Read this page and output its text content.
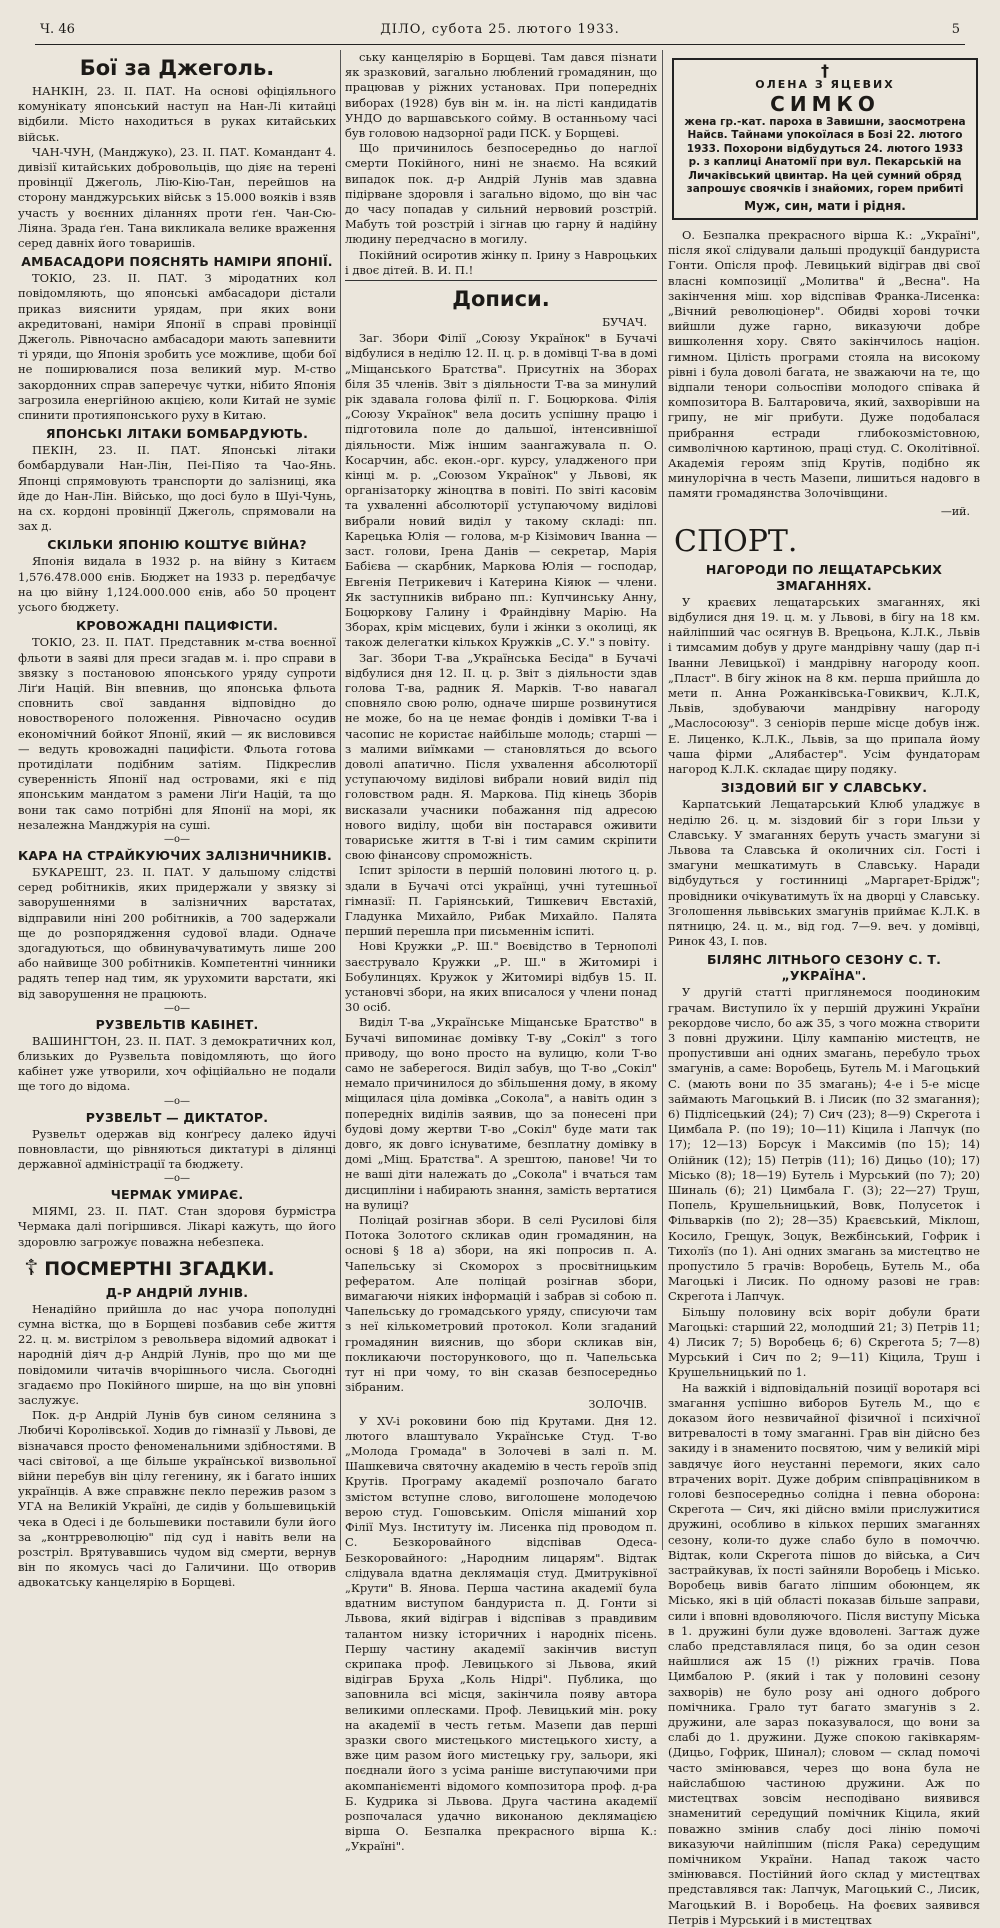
Ч. 46	ДІЛО, субота 25. лютого 1933.	5
Бої за Джеголь.

НАНКІН, 23. II. ПАТ. На основі офіціяльного комунікату японський наступ на Нан-Лі китайці відбили. Місто находиться в руках китайських військ.

ЧАН-ЧУН, (Манджуко), 23. II. ПАТ. Командант 4. дивізії китайських добровольців, що діяє на терені провінції Джеголь, Лію-Кію-Тан, перейшов на сторону манджурських військ з 15.000 вояків і взяв участь у воєнних діланнях проти ґен. Чан-Сю-Ліяна. Зрада ґен. Тана викликала велике враження серед давніх його товаришів.

АМБАСАДОРИ ПОЯСНЯТЬ НАМІРИ ЯПОНІЇ.

ТОКІО, 23. II. ПАТ. З міродатних кол повідомляють, що японські амбасадори дістали приказ вияснити урядам, при яких вони акредитовані, наміри Японії в справі провінції Джеголь. Рівночасно амбасадори мають запевнити ті уряди, що Японія зробить усе можливе, щоби бої не поширювалися поза великий мур. М-ство закордонних справ заперечує чутки, нібито Японія загрозила енергійною акцією, коли Китай не зуміє спинити протияпонського руху в Китаю.

ЯПОНСЬКІ ЛІТАКИ БОМБАРДУЮТЬ.

ПЕКІН, 23. II. ПАТ. Японські літаки бомбардували Нан-Лін, Пеі-Піяо та Чао-Янь. Японці спрямовують транспорти до залізниці, яка йде до Нан-Лін. Військо, що досі було в Шуі-Чунь, на сх. кордоні провінції Джеголь, спрямовали на зах д.

СКІЛЬКИ ЯПОНІЮ КОШТУЄ ВІЙНА?

Японія видала в 1932 р. на війну з Китаєм 1,576.478.000 єнів. Бюджет на 1933 р. передбачує на цю війну 1,124.000.000 єнів, або 50 процент усього бюджету.

КРОВОЖАДНІ ПАЦИФІСТИ.

ТОКІО, 23. II. ПАТ. Представник м-ства воєнної фльоти в заяві для преси згадав м. і. про справи в звязку з постановою японського уряду супроти Ліґи Націй. Він впевнив, що японська фльота сповнить свої завдання відповідно до новоствореного положення. Рівночасно осудив економічний бойкот Японії, який — як висловився — ведуть кровожадні пацифісти. Фльота готова протиділати подібним затіям. Підкреслив суверенність Японії над островами, які є під японським мандатом з рамени Ліґи Націй, та що вони так само потрібні для Японії на морі, як незалежна Манджурія на суші.

—o—
КАРА НА СТРАЙКУЮЧИХ ЗАЛІЗНИЧНИКІВ.

БУКАРЕШТ, 23. II. ПАТ. У дальшому слідстві серед робітників, яких придержали у звязку зі заворушеннями в залізничних варстатах, відправили ніні 200 робітників, а 700 задержали ще до розпорядження судової влади. Одначе здогадуються, що обвинувачуватимуть лише 200 або найвище 300 робітників. Компетентні чинники радять тепер над тим, як урухомити варстати, які від заворушення не працюють.

—o—
РУЗВЕЛЬТІВ КАБІНЕТ.

ВАШИНГТОН, 23. II. ПАТ. З демократичних кол, близьких до Рузвельта повідомляють, що його кабінет уже утворили, хоч офіційально не подали ще того до відома.

—o—
РУЗВЕЛЬТ — ДИКТАТОР.

Рузвельт одержав від конґресу далеко йдучі повновласти, що рівняються диктатурі в ділянці державної адміністрації та бюджету.

—o—
ЧЕРМАК УМИРАЄ.

МІЯМІ, 23. II. ПАТ. Стан здоровя бурмістра Чермака далі погіршився. Лікарі кажуть, що його здоровлю загрожує поважна небезпека.

☦ ПОСМЕРТНІ ЗГАДКИ.
Д-Р АНДРІЙ ЛУНІВ.

Ненадійно прийшла до нас учора пополудні сумна вістка, що в Борщеві позбавив себе життя 22. ц. м. вистрілом з револьвера відомий адвокат і народній діяч д-р Андрій Лунів, про що ми ще повідомили читачів вчорішнього числа. Сьогодні згадаємо про Покійного ширше, на що він уповні заслужує.

Пок. д-р Андрій Лунів був сином селянина з Любичі Королівської. Ходив до гімназії у Львові, де візначався просто феноменальними здібностями. В часі світової, а ще більше української визвольної війни перебув він цілу гегенину, як і багато інших українців. А вже справжнє пекло пережив разом з УГА на Великій Україні, де сидів у большевицькій чека в Одесі і де большевики поставили були його за „контрреволюцію" під суд і навіть вели на розстріл. Врятувавшись чудом від смерти, вернув він по якомусь часі до Галичини. Що отворив адвокатську канцелярію в Борщеві.

ську канцелярію в Борщеві. Там дався пізнати як зразковий, загально люблений громадянин, що працював у ріжних установах. При попередніх виборах (1928) був він м. ін. на лісті кандидатів УНДО до варшавського сойму. В останньому часі був головою надзорної ради ПСК. у Борщеві.

Що причинилось безпосередньо до наглої смерти Покійного, нині не знаємо. На всякий випадок пок. д-р Андрій Лунів мав здавна підірване здоровля і загально відомо, що він час до часу попадав у сильний нервовий розстрій. Мабуть той розстрій і зігнав цю гарну й надійну людину передчасно в могилу.

Покійний осиротив жінку п. Ірину з Навроцьких і двоє дітей. В. И. П.!

Дописи.
БУЧАЧ.

Заг. Збори Філії „Союзу Українок" в Бучачі відбулися в неділю 12. II. ц. р. в домівці Т-ва в домі „Міщанського Братства". Присутніх на Зборах біля 35 членів. Звіт з діяльности Т-ва за минулий рік здавала голова філії п. Г. Боцюркова. Філія „Союзу Українок" вела досить успішну працю і підготовила поле до дальшої, інтенсивнішої діяльности. Між іншим заангажувала п. О. Косарчин, абс. екон.-орг. курсу, уладженого при кінці м. р. „Союзом Українок" у Львові, як організаторку жіноцтва в повіті. По звіті касовім та ухваленні абсолюторії уступаючому виділові вибрали новий виділ у такому складі: пп. Карецька Юлія — голова, м-р Кізімович Іванна — заст. голови, Ірена Данів — секретар, Марія Бабієва — скарбник, Маркова Юлія — господар, Евгенія Петрикевич і Катерина Кіяюк — члени. Як заступників вибрано пп.: Купчинську Анну, Боцюркову Галину і Фрайндівну Марію. На Зборах, крім місцевих, були і жінки з околиці, як також делегатки кількох Кружків „С. У." з повіту.

Заг. Збори Т-ва „Українська Бесіда" в Бучачі відбулися дня 12. II. ц. р. Звіт з діяльности здав голова Т-ва, радник Я. Марків. Т-во навагал сповняло свою ролю, одначе ширше розвинутися не може, бо на це немає фондів і домівки Т-ва і часопис не користає найбільше молодь; старші — з малими виїмками — становляться до всього доволі апатично. Після ухвалення абсолюторії уступаючому виділові вибрали новий виділ під головством радн. Я. Маркова. Під кінець Зборів висказали учасники побажання під адресою нового виділу, щоби він постарався оживити товариське життя в Т-ві і тим самим скріпити свою фінансову спроможність.

Іспит зрілости в першій половині лютого ц. р. здали в Бучачі отсі українці, учні тутешньої гімназії: П. Гаріянський, Тишкевич Евстахій, Гладунка Михайло, Рибак Михайло. Палята перший перешла при письменнім іспиті.

Нові Кружки „Р. Ш." Воєвідство в Тернополі заєструвало Кружки „Р. Ш." в Житомирі і Бобулинцях. Кружок у Житомирі відбув 15. II. установчі збори, на яких вписалося у члени понад 30 осіб.

Виділ Т-ва „Українське Міщанське Братство" в Бучачі випоминає домівку Т-ву „Сокіл" з того приводу, що воно просто на вулицю, коли Т-во само не заберегося. Виділ забув, що Т-во „Сокіл" немало причинилося до збільшення дому, в якому міщилася ціла домівка „Сокола", а навіть один з попередніх виділів заявив, що за понесені при будові дому жертви Т-во „Сокіл" буде мати так довго, як довго існуватиме, безплатну домівку в домі „Міщ. Братства". А зрештою, панове! Чи то не ваші діти належать до „Сокола" і вчаться там дисципліни і набирають знання, замість вертатися на вулиці?

Поліцай розігнав збори. В селі Русилові біля Потока Золотого скликав один громадянин, на основі § 18 а) збори, на які попросив п. А. Чапельську зі Скоморох з просвітницьким рефератом. Але поліцай розігнав збори, вимагаючи ніяких інформацій і забрав зі собою п. Чапельську до громадського уряду, списуючи там з неї кількометровий протокол. Коли згаданий громадянин вияснив, що збори скликав він, покликаючи посторункового, що п. Чапельська тут ні при чому, то він сказав безпосередньо зібраним.

ЗОЛОЧІВ.

У XV-і роковини бою під Крутами. Дня 12. лютого влаштувало Українське Студ. Т-во „Молода Громада" в Золочеві в залі п. М. Шашкевича святочну академію в честь героїв зпід Крутів. Програму академії розпочало багато змістом вступне слово, виголошене молодечою верою студ. Гошовським. Опісля мішаний хор Філії Муз. Інституту ім. Лисенка під проводом п. С. Безкоровайного відспівав Одеса-Безкоровайного: „Народним лицарям". Відтак слідувала вдатна деклямація студ. Дмитруківної „Крути" В. Янова. Перша частина академії була вдатним виступом бандуриста п. Д. Гонти зі Львова, який відіграв і відспівав з правдивим талантом низку історичних і народніх пісень. Першу частину академії закінчив виступ скрипака проф. Левицького зі Львова, який відіграв Бруха „Коль Нідрі". Публика, що заповнила всі місця, закінчила появу автора великими оплесками. Проф. Левицький мін. року на академії в честь гетьм. Мазепи дав перші зразки свого мистецького мистецького хисту, а вже цим разом його мистецьку гру, зальори, які поєднали його з усіма раніше виступаючими при акомпанієменті відомого композитора проф. д-ра Б. Кудрика зі Львова. Друга частина академії розпочалася удачно виконаною деклямацією вірша О. Безпалка прекрасного вірша К.: „Україні".

†
ОЛЕНА З ЯЦЕВИХ
СИМКО
жена гр.-кат. пароха в Завишни, заосмотрена Найсв. Тайнами упокоїлася в Бозі 22. лютого 1933. Похорони відбудуться 24. лютого 1933 р. з каплиці Анатомії при вул. Пекарській на Личаківський цвинтар. На цей сумний обряд запрошує своячків і знайомих, горем прибиті
Муж, син, мати і рідня.

О. Безпалка прекрасного вірша К.: „Україні", після якої слідували дальші продукції бандуриста Гонти. Опісля проф. Левицький відіграв дві свої власні композиції „Молитва" й „Весна". На закінчення міш. хор відспівав Франка-Лисенка: „Вічний революціонер". Обидві хорові точки вийшли дуже гарно, виказуючи добре вишколення хору. Свято закінчилось націон. гимном. Цілість програми стояла на високому рівні і була доволі багата, не зважаючи на те, що відпали тенори сольоспіви молодого співака й композитора В. Балтаровича, який, захворівши на грипу, не міг прибути. Дуже подобалася прибрання естради глибокозмістовною, символічною картиною, праці студ. С. Околітівної. Академія героям зпід Крутів, подібно як минулорічна в честь Мазепи, лишиться надовго в памяти громадянства Золочівщини.

—ий.
СПОРТ.
НАГОРОДИ ПО ЛЕЩАТАРСЬКИХ ЗМАГАННЯХ.

У краєвих лещатарських змаганнях, які відбулися дня 19. ц. м. у Львові, в бігу на 18 км. найліпший час осягнув В. Врецьона, К.Л.К., Львів і тимсамим добув у друге мандрівну чашу (дар п-і Іванни Левицької) і мандрівну нагороду кооп. „Пласт". В бігу жінок на 8 км. перша прийшла до мети п. Анна Рожанківська-Говиквич, К.Л.К, Львів, здобуваючи мандрівну нагороду „Маслосоюзу". З сеніорів перше місце добув інж. Е. Лиценко, К.Л.К., Львів, за що припала йому чаша фірми „Алябастер". Усім фундаторам нагород К.Л.К. складає щиру подяку.

ЗІЗДОВИЙ БІГ У СЛАВСЬКУ.

Карпатський Лещатарський Клюб уладжує в неділю 26. ц. м. зіздовий біг з гори Ільзи у Славську. У змаганнях беруть участь змагуни зі Львова та Славська й околичних сіл. Гості і змагуни мешкатимуть в Славську. Наради відбудуться у гостинниці „Маргарет-Брідж"; провідники очікуватимуть їх на дворці у Славську. Зголошення львівських змагунів приймає К.Л.К. в пятницю, 24. ц. м., від год. 7—9. веч. у домівці, Ринок 43, І. пов.

БІЛЯНС ЛІТНЬОГО СЕЗОНУ С. Т. „УКРАЇНА".

У другій статті приглянемося поодиноким грачам. Виступило їх у першій дружині України рекордове число, бо аж 35, з чого можна створити 3 повні дружини. Цілу кампанію мистецтв, не пропустивши ані одних змагань, перебуло трьох змагунів, а саме: Воробець, Бутель М. і Магоцький С. (мають вони по 35 змагань); 4-е і 5-е місце займають Магоцький В. і Лисик (по 32 змагання); 6) Підлісецький (24); 7) Сич (23); 8—9) Скрегота і Цимбала Р. (по 19); 10—11) Кіцила і Лапчук (по 17); 12—13) Борсук і Максимів (по 15); 14) Олійник (12); 15) Петрів (11); 16) Дицьо (10); 17) Місько (8); 18—19) Бутель і Мурський (по 7); 20) Шиналь (6); 21) Цимбала Г. (3); 22—27) Труш, Попель, Крушельницький, Вовк, Полусеток і Фільварків (по 2); 28—35) Краєвський, Міклош, Косило, Грещук, Зоцук, Вежбінський, Гофрик і Тихолїз (по 1). Ані одних змагань за мистецтво не пропустило 5 грачів: Воробець, Бутель М., оба Магоцькі і Лисик. По одному разові не грав: Скрегота і Лапчук.

Більшу половину всіх воріт добули брати Магоцькі: старший 22, молодший 21; 3) Петрів 11; 4) Лисик 7; 5) Воробець 6; 6) Скрегота 5; 7—8) Мурський і Сич по 2; 9—11) Кіцила, Труш і Крушельницький по 1.

На важкій і відповідальній позиції воротаря всі змагання успішно виборов Бутель М., що є доказом його незвичайної фізичної і психічної витревалості в тому змаганні. Грав він дійсно без закиду і в знаменито посвятою, чим у великій мірі завдячує його неустанні перемоги, яких сало втрачених воріт. Дуже добрим співпрацівником в голові безпосередньо солідна і певна оборона: Скрегота — Сич, які дійсно вміли прислужитися дружині, особливо в кількох перших змаганнях сезону, коли-то дуже слабо було в помоччю. Відтак, коли Скрегота пішов до війська, а Сич застрайкував, їх пості зайняли Воробець і Місько. Воробець вивів багато ліпшим обоюнцем, як Місько, які в цій області показав більше заправи, сили і вповні вдоволяючого. Після виступу Міська в 1. дружині були дуже вдоволені. Загтаж дуже слабо представлялася пиця, бо за один сезон найшлися аж 15 (!) ріжних грачів. Пова Цимбалою Р. (який і так у половині сезону захворів) не було розу ані одного доброго помічника. Грало тут багато змагунів з 2. дружини, але зараз показувалося, що вони за слабі до 1. дружини. Дуже спокою гаківкарям-(Дицьо, Гофрик, Шинал); словом — склад помочі часто змінювався, через що вона була не найслабшою частиною дружини. Аж по мистецтвах зовсім несподівано виявився знаменитий середущий помічник Кіцила, який поважно змінив слабу досі лінію помочі виказуючи найліпшим (після Рака) середущим помічником України. Напад також часто змінювався. Постійний його склад у мистецтвах представлявся так: Лапчук, Магоцький С., Лисик, Магоцький В. і Воробець. На фоєвих заявився Петрів і Мурський і в мистецтвах
